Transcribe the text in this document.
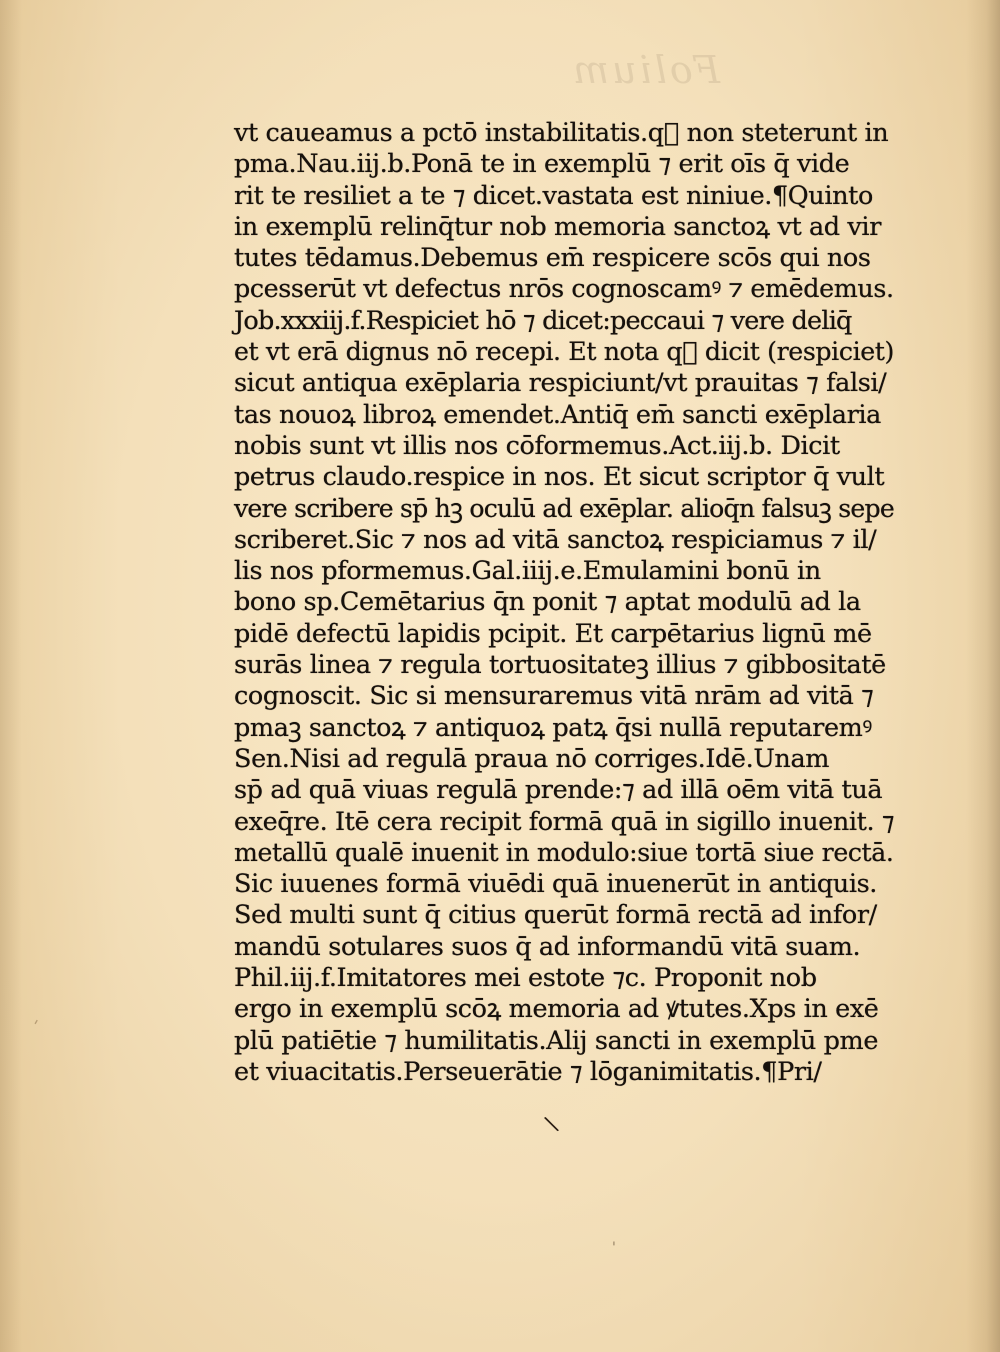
Folium
vt caueamus a pctō instabilitatis.q᷑ non steterunt in
pma.Nau.iij.b.Ponā te in exemplū ⁊ erit oīs q̄ vide
rit te resiliet a te ⁊ dicet.vastata est niniue.¶Quinto
in exemplū relinq̄tur nob memoria sanctoꝝ vt ad vir
tutes tēdamus.Debemus em̄ respicere scōs qui nos
pcesserūt vt defectus nrōs cognoscamꝰ ⁊ emēdemus.
Job.xxxiij.f.Respiciet hō ⁊ dicet:peccaui ⁊ vere deliq̄
et vt erā dignus nō recepi. Et nota q᷑ dicit (respiciet)
sicut antiqua exēplaria respiciunt/vt prauitas ⁊ falsi/
tas nouoꝝ libroꝝ emendet.Antiq̄ em̄ sancti exēplaria
nobis sunt vt illis nos cōformemus.Act.iij.b. Dicit
petrus claudo.respice in nos. Et sicut scriptor q̄ vult
vere scribere sp̄ hꝫ oculū ad exēplar. alioq̄n falsuꝫ sepe
scriberet.Sic ⁊ nos ad vitā sanctoꝝ respiciamus ⁊ il/
lis nos pformemus.Gal.iiij.e.Emulamini bonū in
bono sp.Cemētarius q̄n ponit ⁊ aptat modulū ad la
pidē defectū lapidis pcipit. Et carpētarius lignū mē
surās linea ⁊ regula tortuositateꝫ illius ⁊ gibbositatē
cognoscit. Sic si mensuraremus vitā nrām ad vitā ⁊
pmaꝫ sanctoꝝ ⁊ antiquoꝝ patꝝ q̄si nullā reputaremꝰ
Sen.Nisi ad regulā praua nō corriges.Idē.Unam
sp̄ ad quā viuas regulā prende:⁊ ad illā oēm vitā tuā
exeq̄re. Itē cera recipit formā quā in sigillo inuenit. ⁊
metallū qualē inuenit in modulo:siue tortā siue rectā.
Sic iuuenes formā viuēdi quā inuenerūt in antiquis.
Sed multi sunt q̄ citius querūt formā rectā ad infor/
mandū sotulares suos q̄ ad informandū vitā suam.
Phil.iij.f.Imitatores mei estote ⁊c. Proponit nob
ergo in exemplū scōꝝ memoria ad ꝟtutes.Xps in exē
plū patiētie ⁊ humilitatis.Alij sancti in exemplū pme
et viuacitatis.Perseuerātie ⁊ lōganimitatis.¶Pri/
\
'
'
